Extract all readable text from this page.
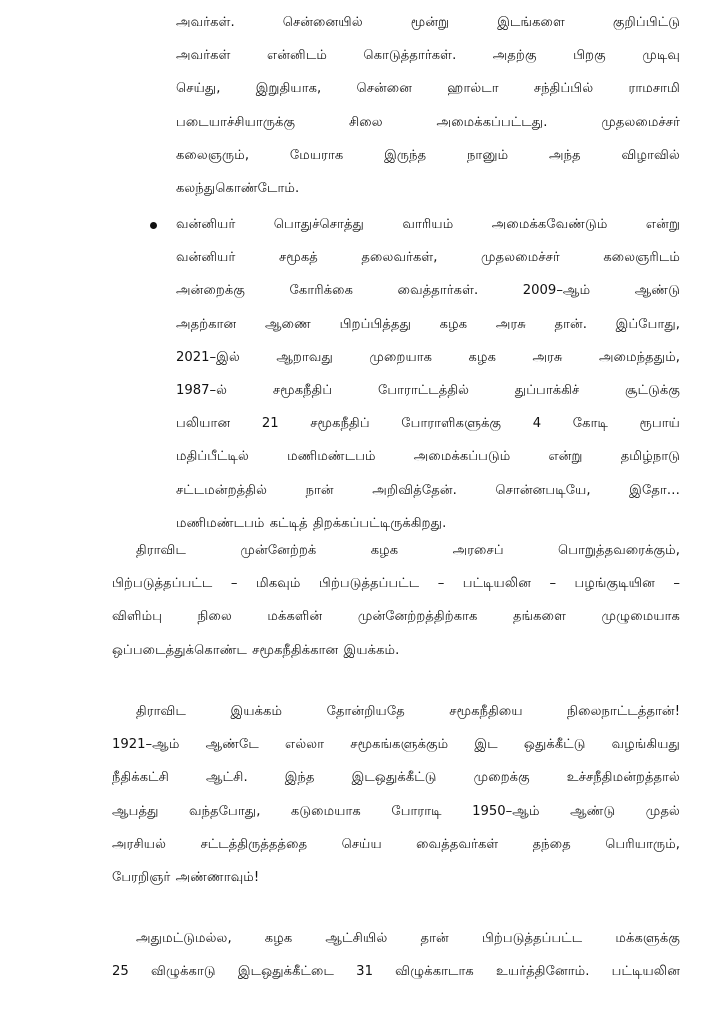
அவர்கள். சென்னையில் மூன்று இடங்களை குறிப்பிட்டு
அவர்கள் என்னிடம் கொடுத்தார்கள். அதற்கு பிறகு முடிவு
செய்து, இறுதியாக, சென்னை ஹால்டா சந்திப்பில் ராமசாமி
படையாச்சியாருக்கு சிலை அமைக்கப்பட்டது. முதலமைச்சர்
கலைஞரும், மேயராக இருந்த நானும் அந்த விழாவில்
கலந்துகொண்டோம்.
வன்னியர் பொதுச்சொத்து வாரியம் அமைக்கவேண்டும் என்று
வன்னியர் சமூகத் தலைவர்கள், முதலமைச்சர் கலைஞரிடம்
அன்றைக்கு கோரிக்கை வைத்தார்கள். 2009–ஆம் ஆண்டு
அதற்கான ஆணை பிறப்பித்தது கழக அரசு தான். இப்போது,
2021–இல் ஆறாவது முறையாக கழக அரசு அமைந்ததும்,
1987–ல் சமூகநீதிப் போராட்டத்தில் துப்பாக்கிச் சூட்டுக்கு
பலியான 21 சமூகநீதிப் போராளிகளுக்கு 4 கோடி ரூபாய்
மதிப்பீட்டில் மணிமண்டபம் அமைக்கப்படும் என்று தமிழ்நாடு
சட்டமன்றத்தில் நான் அறிவித்தேன். சொன்னபடியே, இதோ…
மணிமண்டபம் கட்டித் திறக்கப்பட்டிருக்கிறது.
திராவிட முன்னேற்றக் கழக அரசைப் பொறுத்தவரைக்கும்,
பிற்படுத்தப்பட்ட – மிகவும் பிற்படுத்தப்பட்ட – பட்டியலின – பழங்குடியின –
விளிம்பு நிலை மக்களின் முன்னேற்றத்திற்காக தங்களை முழுமையாக
ஒப்படைத்துக்கொண்ட சமூகநீதிக்கான இயக்கம்.
திராவிட இயக்கம் தோன்றியதே சமூகநீதியை நிலைநாட்டத்தான்!
1921–ஆம் ஆண்டே எல்லா சமூகங்களுக்கும் இட ஒதுக்கீட்டு வழங்கியது
நீதிக்கட்சி ஆட்சி. இந்த இடஒதுக்கீட்டு முறைக்கு உச்சநீதிமன்றத்தால்
ஆபத்து வந்தபோது, கடுமையாக போராடி 1950–ஆம் ஆண்டு முதல்
அரசியல் சட்டத்திருத்தத்தை செய்ய வைத்தவர்கள் தந்தை பெரியாரும்,
பேரறிஞர் அண்ணாவும்!
அதுமட்டுமல்ல, கழக ஆட்சியில் தான் பிற்படுத்தப்பட்ட மக்களுக்கு
25 விழுக்காடு இடஒதுக்கீட்டை 31 விழுக்காடாக உயர்த்தினோம். பட்டியலின
